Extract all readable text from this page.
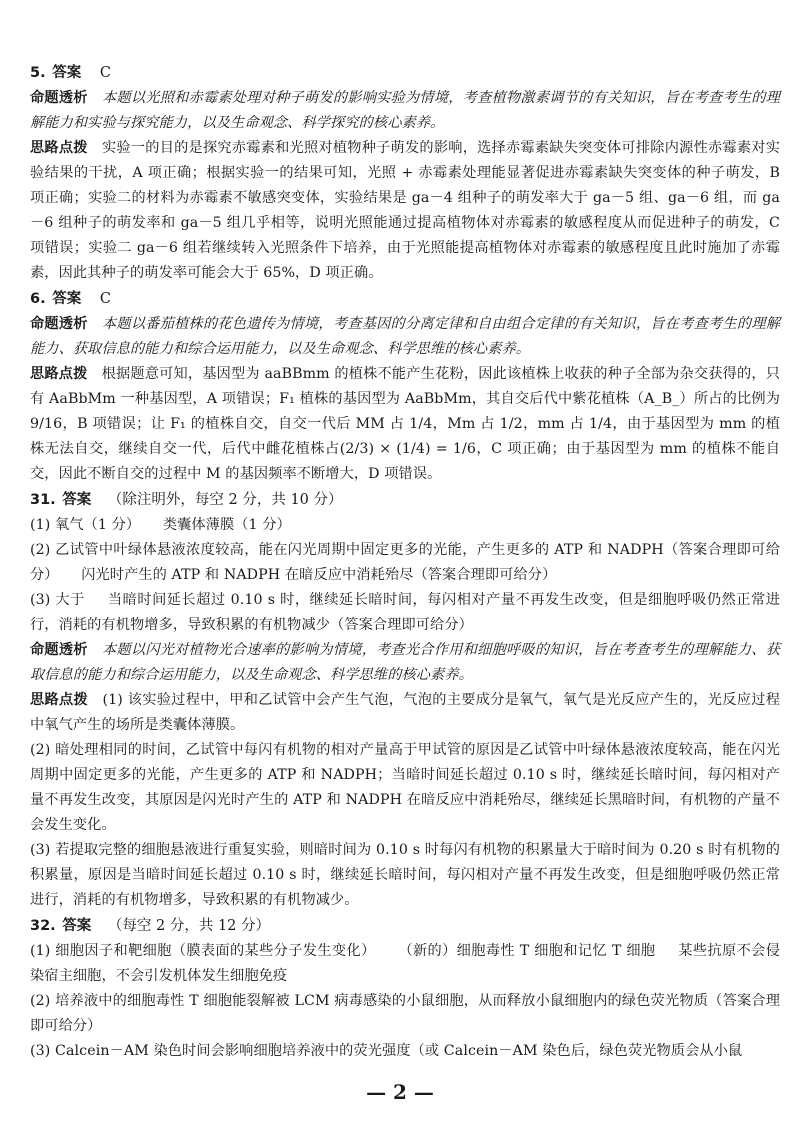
5. 答案 C

命题透析 本题以光照和赤霉素处理对种子萌发的影响实验为情境，考查植物激素调节的有关知识，旨在考查考生的理解能力和实验与探究能力，以及生命观念、科学探究的核心素养。

思路点拨 实验一的目的是探究赤霉素和光照对植物种子萌发的影响，选择赤霉素缺失突变体可排除内源性赤霉素对实验结果的干扰，A 项正确；根据实验一的结果可知，光照 + 赤霉素处理能显著促进赤霉素缺失突变体的种子萌发，B 项正确；实验二的材料为赤霉素不敏感突变体，实验结果是 ga－4 组种子的萌发率大于 ga－5 组、ga－6 组，而 ga－6 组种子的萌发率和 ga－5 组几乎相等，说明光照能通过提高植物体对赤霉素的敏感程度从而促进种子的萌发，C 项错误；实验二 ga－6 组若继续转入光照条件下培养，由于光照能提高植物体对赤霉素的敏感程度且此时施加了赤霉素，因此其种子的萌发率可能会大于 65%，D 项正确。

6. 答案 C

命题透析 本题以番茄植株的花色遗传为情境，考查基因的分离定律和自由组合定律的有关知识，旨在考查考生的理解能力、获取信息的能力和综合运用能力，以及生命观念、科学思维的核心素养。

思路点拨 根据题意可知，基因型为 aaBBmm 的植株不能产生花粉，因此该植株上收获的种子全部为杂交获得的，只有 AaBbMm 一种基因型，A 项错误；F₁ 植株的基因型为 AaBbMm，其自交后代中紫花植株（A_B_）所占的比例为 9/16，B 项错误；让 F₁ 的植株自交，自交一代后 MM 占 1/4，Mm 占 1/2，mm 占 1/4，由于基因型为 mm 的植株无法自交，继续自交一代，后代中雌花植株占(2/3) × (1/4) = 1/6，C 项正确；由于基因型为 mm 的植株不能自交，因此不断自交的过程中 M 的基因频率不断增大，D 项错误。

31. 答案 （除注明外，每空 2 分，共 10 分）

(1) 氧气（1 分） 类囊体薄膜（1 分）

(2) 乙试管中叶绿体悬液浓度较高，能在闪光周期中固定更多的光能，产生更多的 ATP 和 NADPH（答案合理即可给分） 闪光时产生的 ATP 和 NADPH 在暗反应中消耗殆尽（答案合理即可给分）

(3) 大于 当暗时间延长超过 0.10 s 时，继续延长暗时间，每闪相对产量不再发生改变，但是细胞呼吸仍然正常进行，消耗的有机物增多，导致积累的有机物减少（答案合理即可给分）

命题透析 本题以闪光对植物光合速率的影响为情境，考查光合作用和细胞呼吸的知识，旨在考查考生的理解能力、获取信息的能力和综合运用能力，以及生命观念、科学思维的核心素养。

思路点拨 (1) 该实验过程中，甲和乙试管中会产生气泡，气泡的主要成分是氧气，氧气是光反应产生的，光反应过程中氧气产生的场所是类囊体薄膜。

(2) 暗处理相同的时间，乙试管中每闪有机物的相对产量高于甲试管的原因是乙试管中叶绿体悬液浓度较高，能在闪光周期中固定更多的光能，产生更多的 ATP 和 NADPH；当暗时间延长超过 0.10 s 时，继续延长暗时间，每闪相对产量不再发生改变，其原因是闪光时产生的 ATP 和 NADPH 在暗反应中消耗殆尽，继续延长黑暗时间，有机物的产量不会发生变化。

(3) 若提取完整的细胞悬液进行重复实验，则暗时间为 0.10 s 时每闪有机物的积累量大于暗时间为 0.20 s 时有机物的积累量，原因是当暗时间延长超过 0.10 s 时，继续延长暗时间，每闪相对产量不再发生改变，但是细胞呼吸仍然正常进行，消耗的有机物增多，导致积累的有机物减少。

32. 答案 （每空 2 分，共 12 分）

(1) 细胞因子和靶细胞（膜表面的某些分子发生变化） （新的）细胞毒性 T 细胞和记忆 T 细胞 某些抗原不会侵染宿主细胞，不会引发机体发生细胞免疫

(2) 培养液中的细胞毒性 T 细胞能裂解被 LCM 病毒感染的小鼠细胞，从而释放小鼠细胞内的绿色荧光物质（答案合理即可给分）

(3) Calcein－AM 染色时间会影响细胞培养液中的荧光强度（或 Calcein－AM 染色后，绿色荧光物质会从小鼠

— 2 —
